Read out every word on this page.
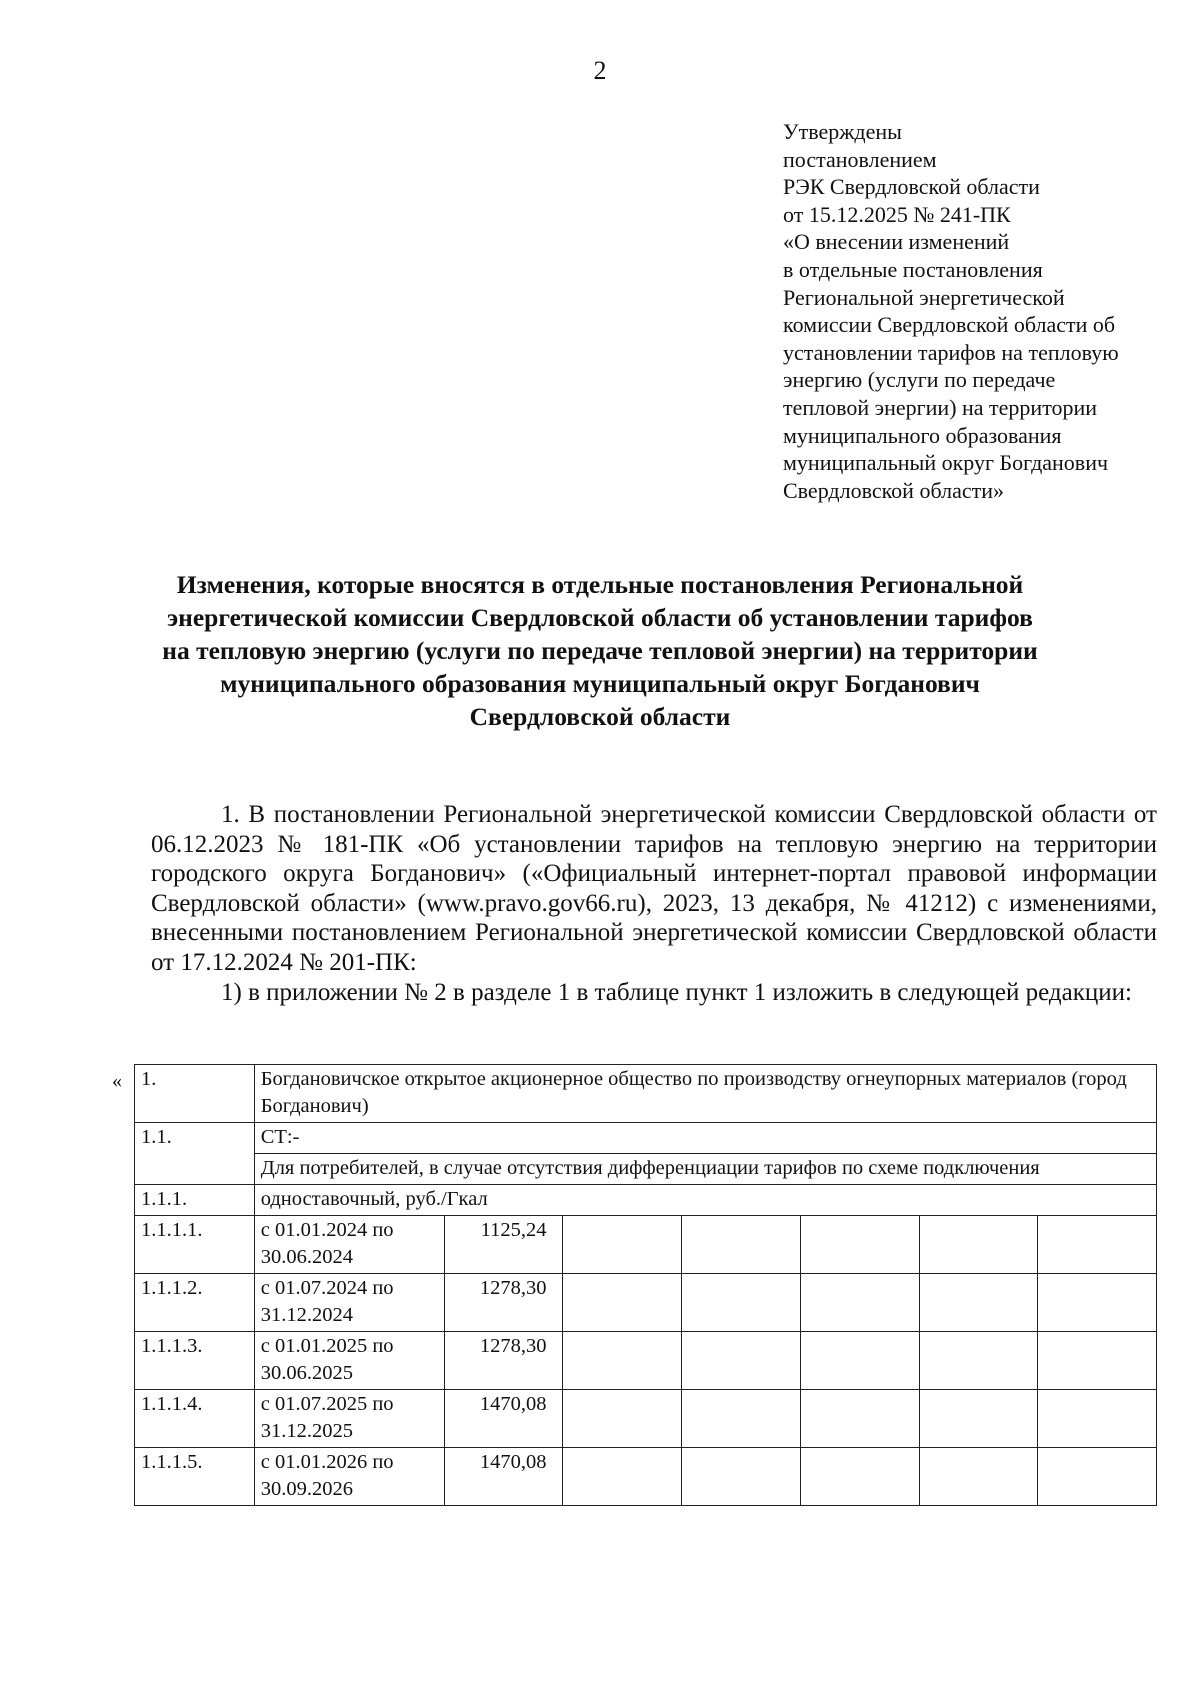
2
Утверждены
постановлением
РЭК Свердловской области
от 15.12.2025 № 241-ПК
«О внесении изменений
в отдельные постановления
Региональной энергетической
комиссии Свердловской области об
установлении тарифов на тепловую
энергию (услуги по передаче
тепловой энергии) на территории
муниципального образования
муниципальный округ Богданович
Свердловской области»
Изменения, которые вносятся в отдельные постановления Региональной
энергетической комиссии Свердловской области об установлении тарифов
на тепловую энергию (услуги по передаче тепловой энергии) на территории
муниципального образования муниципальный округ Богданович
Свердловской области

1. В постановлении Региональной энергетической комиссии Свердловской области от 06.12.2023 № 181-ПК «Об установлении тарифов на тепловую энергию на территории городского округа Богданович» («Официальный интернет-портал правовой информации Свердловской области» (www.pravo.gov66.ru), 2023, 13 декабря, № 41212) с изменениями, внесенными постановлением Региональной энергетической комиссии Свердловской области от 17.12.2024 № 201-ПК:

1) в приложении № 2 в разделе 1 в таблице пункт 1 изложить в следующей редакции:

« 1.	Богдановичское открытое акционерное общество по производству огнеупорных материалов (город Богданович)						
1.1.	СТ:-						
	Для потребителей, в случае отсутствия дифференциации тарифов по схеме подключения						
1.1.1.	одноставочный, руб./Гкал						
1.1.1.1.	с 01.01.2024 по 30.06.2024	1125,24					
1.1.1.2.	с 01.07.2024 по 31.12.2024	1278,30					
1.1.1.3.	с 01.01.2025 по 30.06.2025	1278,30					
1.1.1.4.	с 01.07.2025 по 31.12.2025	1470,08					
1.1.1.5.	с 01.01.2026 по 30.09.2026	1470,08					
